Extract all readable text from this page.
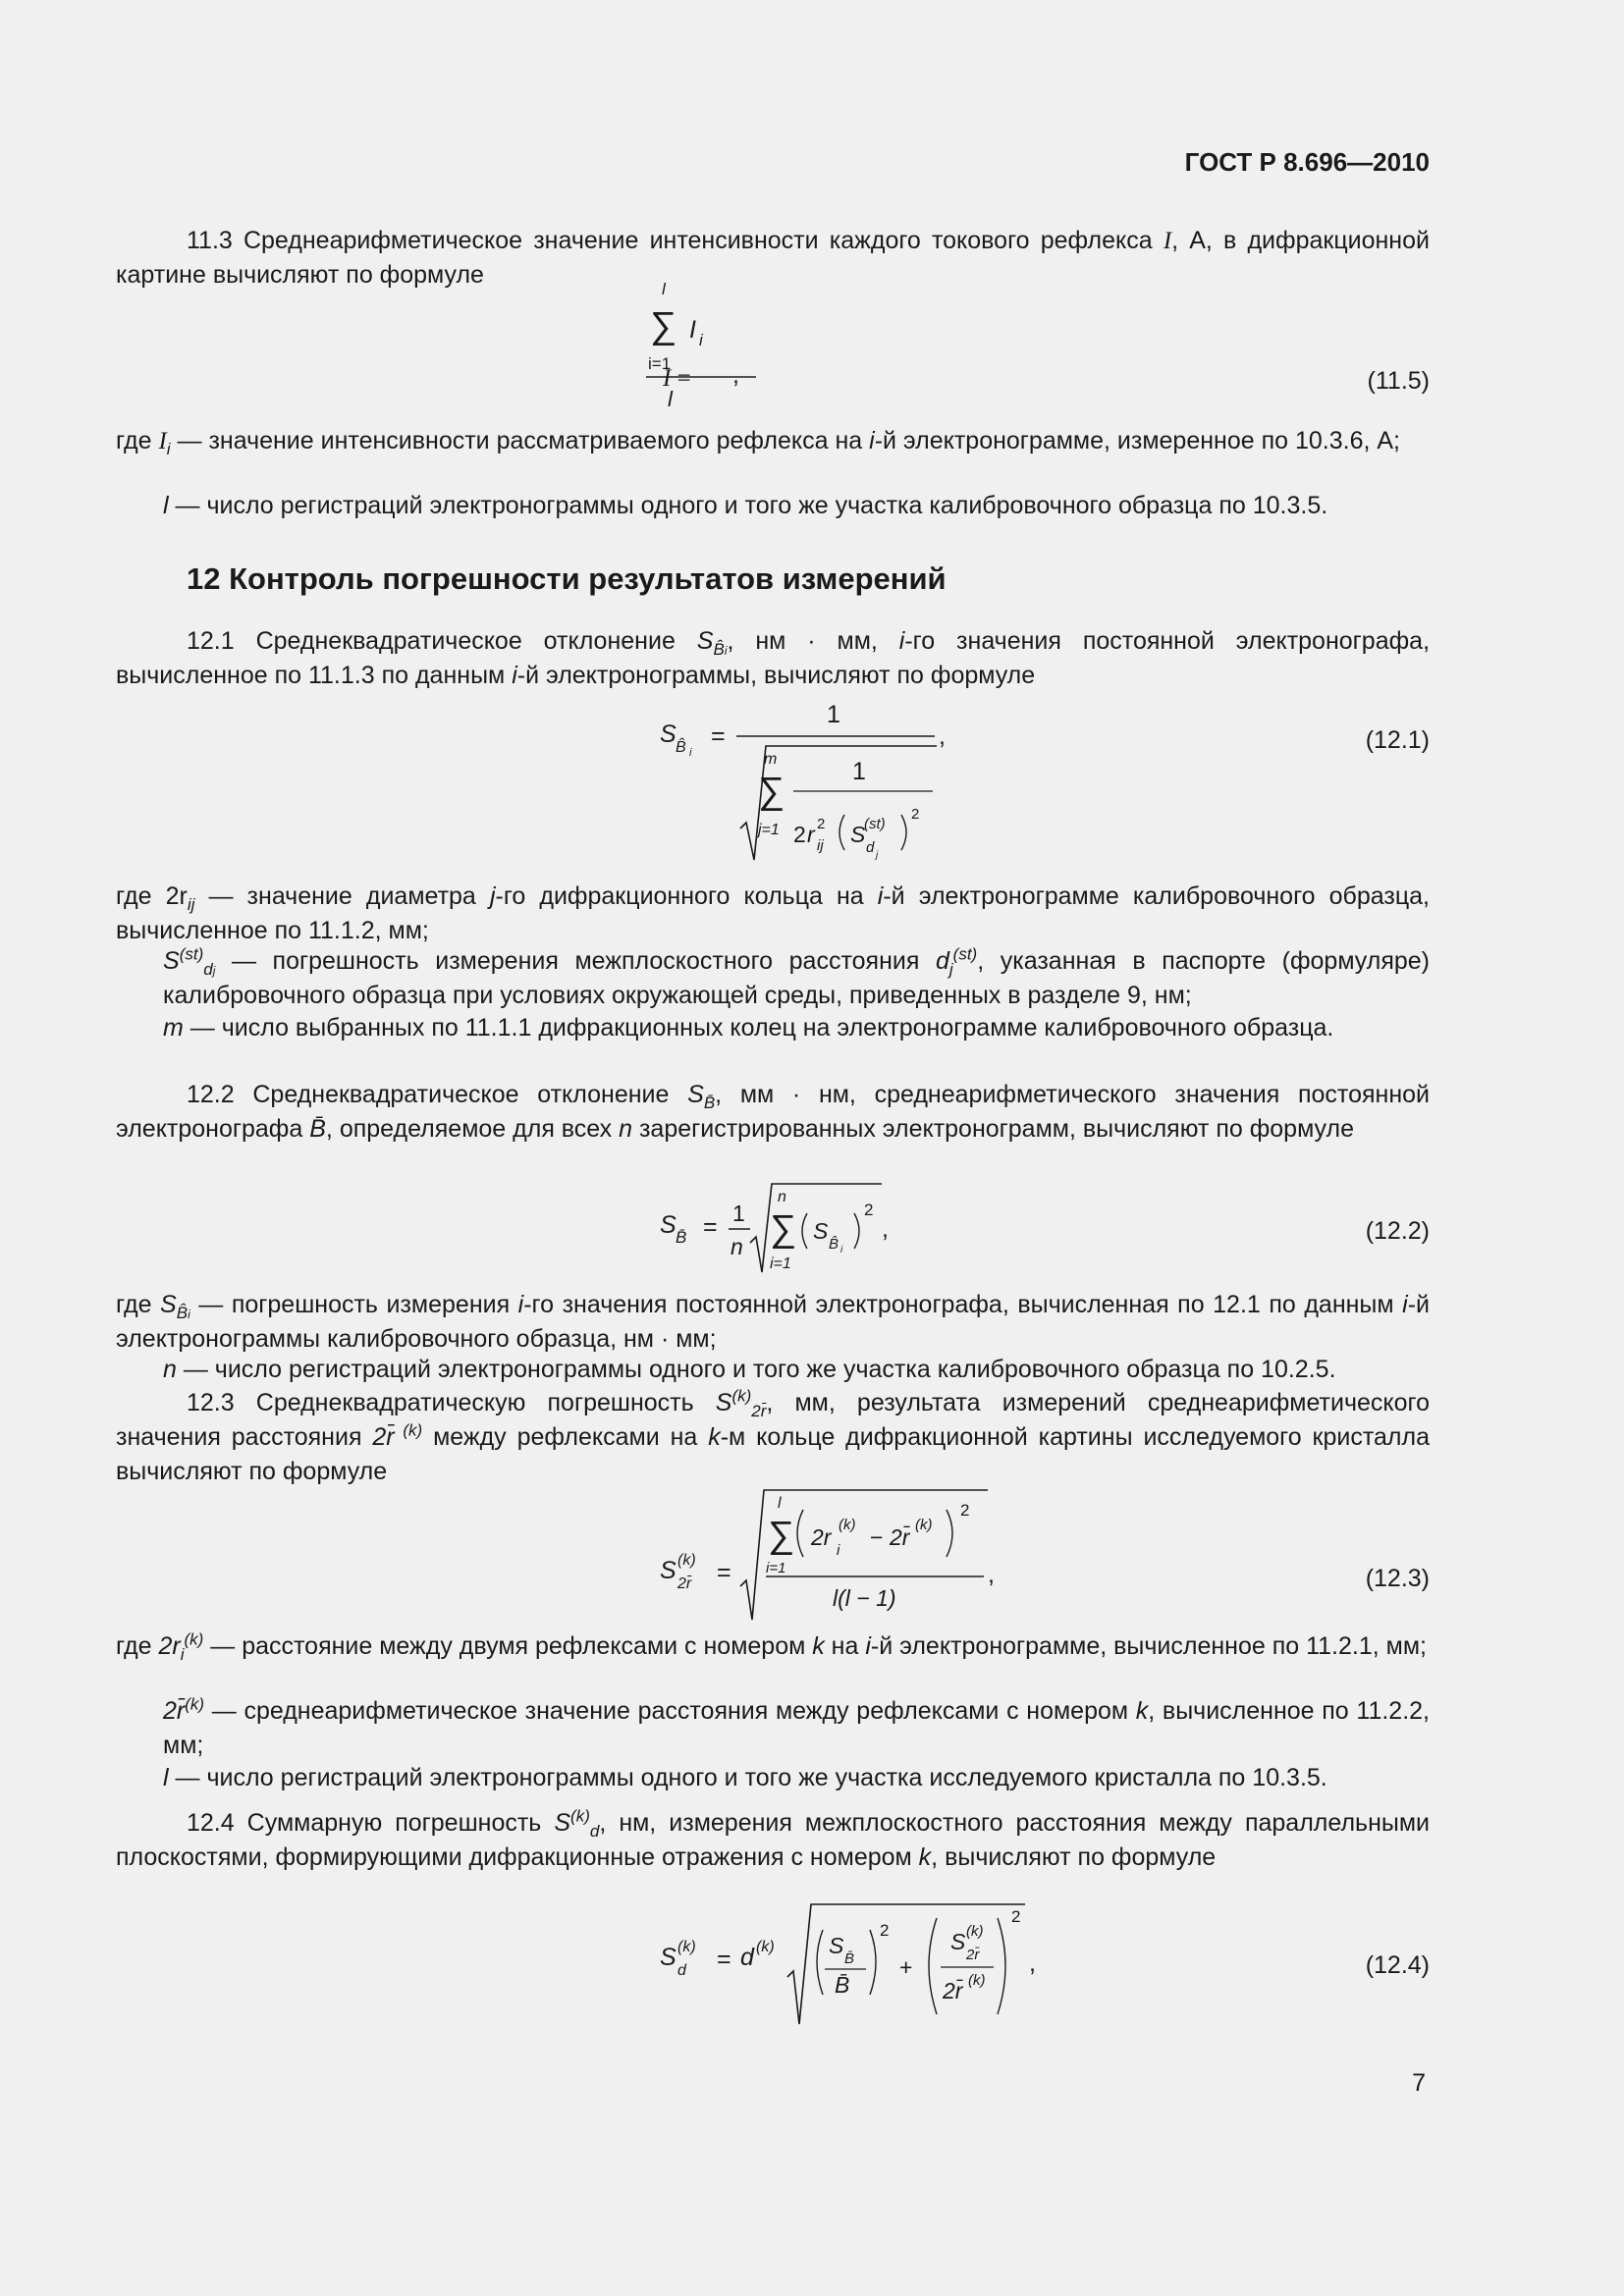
ГОСТ Р 8.696—2010
11.3 Среднеарифметическое значение интенсивности каждого токового рефлекса I, А, в дифракционной картине вычисляют по формуле
l
∑ I i
i=1	,
l
I =	(11.5)
где $I_i$ — значение интенсивности рассматриваемого рефлекса на i-й электронограмме, измеренное по 10.3.6, А;
l — число регистраций электронограммы одного и того же участка калибровочного образца по 10.3.5.
12 Контроль погрешности результатов измерений
12.1 Среднеквадратическое отклонение $S_{B̂i}$, нм · мм, i-го значения постоянной электронографа, вычисленное по 11.1.3 по данным i-й электронограммы, вычисляют по формуле
S B̂ i
=
1
,
m
∑
j=1
1
2 r 2
ij S
(st)
d j
2
(12.1)
где $2r_{ij}$ — значение диаметра j-го дифракционного кольца на i-й электронограмме калибровочного образца, вычисленное по 11.1.2, мм;
$S^{(st)}_{dj}$ — погрешность измерения межплоскостного расстояния $d_j^{(st)}$, указанная в паспорте (формуляре) калибровочного образца при условиях окружающей среды, приведенных в разделе 9, нм;
m — число выбранных по 11.1.1 дифракционных колец на электронограмме калибровочного образца.
12.2 Среднеквадратическое отклонение $S_{B̄}$, мм · нм, среднеарифметического значения постоянной электронографа B̄, определяемое для всех n зарегистрированных электронограмм, вычисляют по формуле
S B̄ = 1
n
n
∑
i=1
S
B̂ i
2
,	(12.2)
где $S_{B̂i}$ — погрешность измерения i-го значения постоянной электронографа, вычисленная по 12.1 по данным i-й электронограммы калибровочного образца, нм · мм;
n — число регистраций электронограммы одного и того же участка калибровочного образца по 10.2.5.
12.3 Среднеквадратическую погрешность $S^{(k)}_{2r̄}$, мм, результата измерений среднеарифметического значения расстояния 2r̄ $^{(k)}$ между рефлексами на k-м кольце дифракционной картины исследуемого кристалла вычисляют по формуле
S (k)
2r̄ =
l
∑
i=1
2r
i
(k) − 2r̄ (k)
2
l(l − 1)
,	(12.3)
где $2r_i^{(k)}$ — расстояние между двумя рефлексами с номером k на i-й электронограмме, вычисленное по 11.2.1, мм;
2r̄$^{(k)}$ — среднеарифметическое значение расстояния между рефлексами с номером k, вычисленное по 11.2.2, мм;
l — число регистраций электронограммы одного и того же участка исследуемого кристалла по 10.3.5.
12.4 Суммарную погрешность $S^{(k)}_d$, нм, измерения межплоскостного расстояния между параллельными плоскостями, формирующими дифракционные отражения с номером k, вычисляют по формуле
S (k)
d = d (k) S
B̄
B̄
2
+
S (k)
2r̄
2r̄ (k)
2
,	(12.4)
7
